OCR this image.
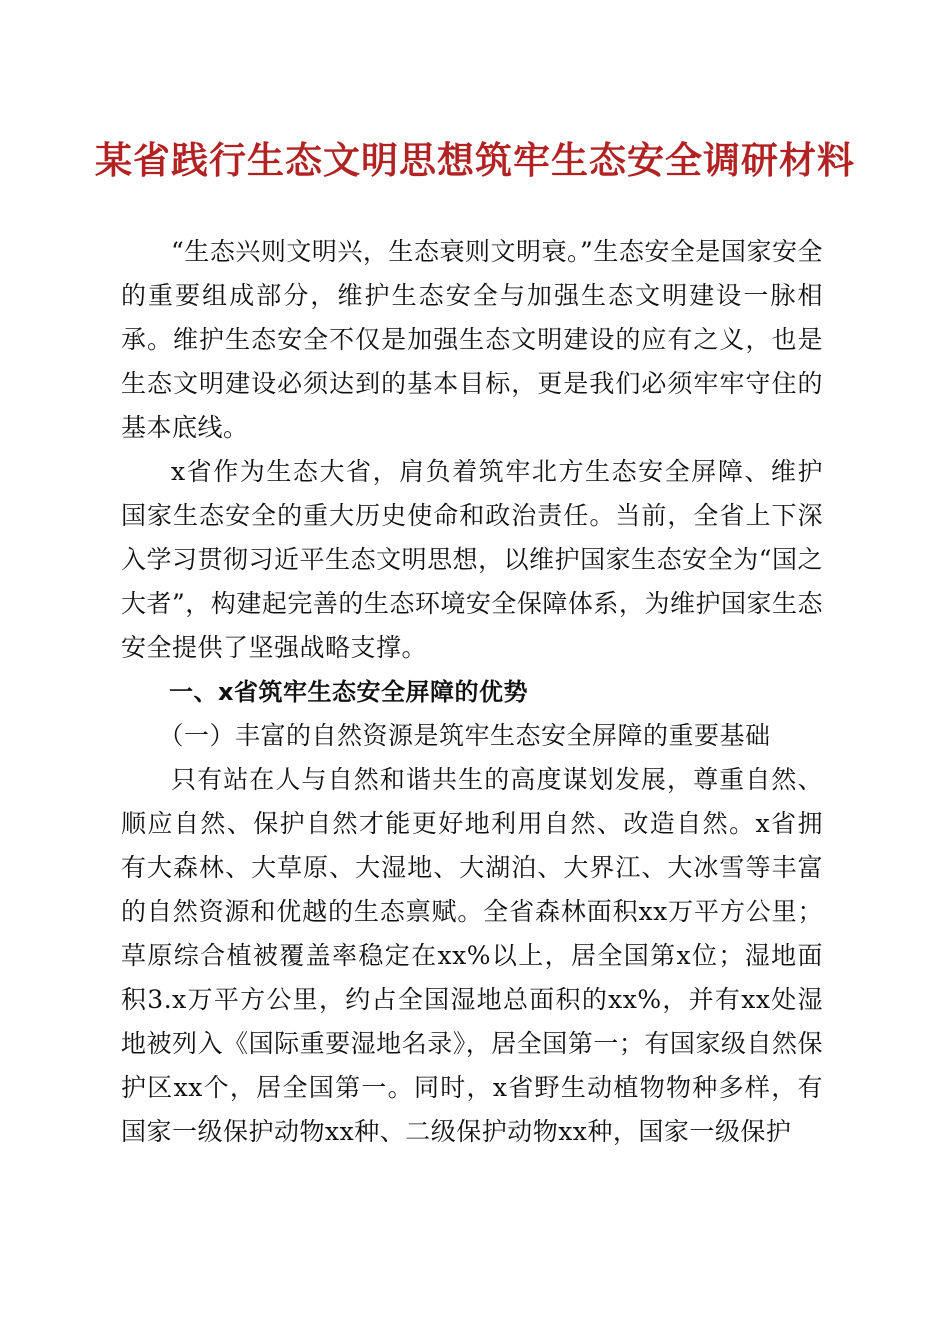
某省践行生态文明思想筑牢生态安全调研材料

“生态兴则文明兴，生态衰则文明衰。”生态安全是国家安全的重要组成部分，维护生态安全与加强生态文明建设一脉相承。维护生态安全不仅是加强生态文明建设的应有之义，也是生态文明建设必须达到的基本目标，更是我们必须牢牢守住的基本底线。

x省作为生态大省，肩负着筑牢北方生态安全屏障、维护国家生态安全的重大历史使命和政治责任。当前，全省上下深入学习贯彻习近平生态文明思想，以维护国家生态安全为“国之大者”，构建起完善的生态环境安全保障体系，为维护国家生态安全提供了坚强战略支撑。

一、x省筑牢生态安全屏障的优势

（一）丰富的自然资源是筑牢生态安全屏障的重要基础

只有站在人与自然和谐共生的高度谋划发展，尊重自然、顺应自然、保护自然才能更好地利用自然、改造自然。x省拥有大森林、大草原、大湿地、大湖泊、大界江、大冰雪等丰富的自然资源和优越的生态禀赋。全省森林面积xx万平方公里；草原综合植被覆盖率稳定在xx%以上，居全国第x位；湿地面积3.x万平方公里，约占全国湿地总面积的xx%，并有xx处湿地被列入《国际重要湿地名录》，居全国第一；有国家级自然保护区xx个，居全国第一。同时，x省野生动植物物种多样，有国家一级保护动物xx种、二级保护动物xx种，国家一级保护
